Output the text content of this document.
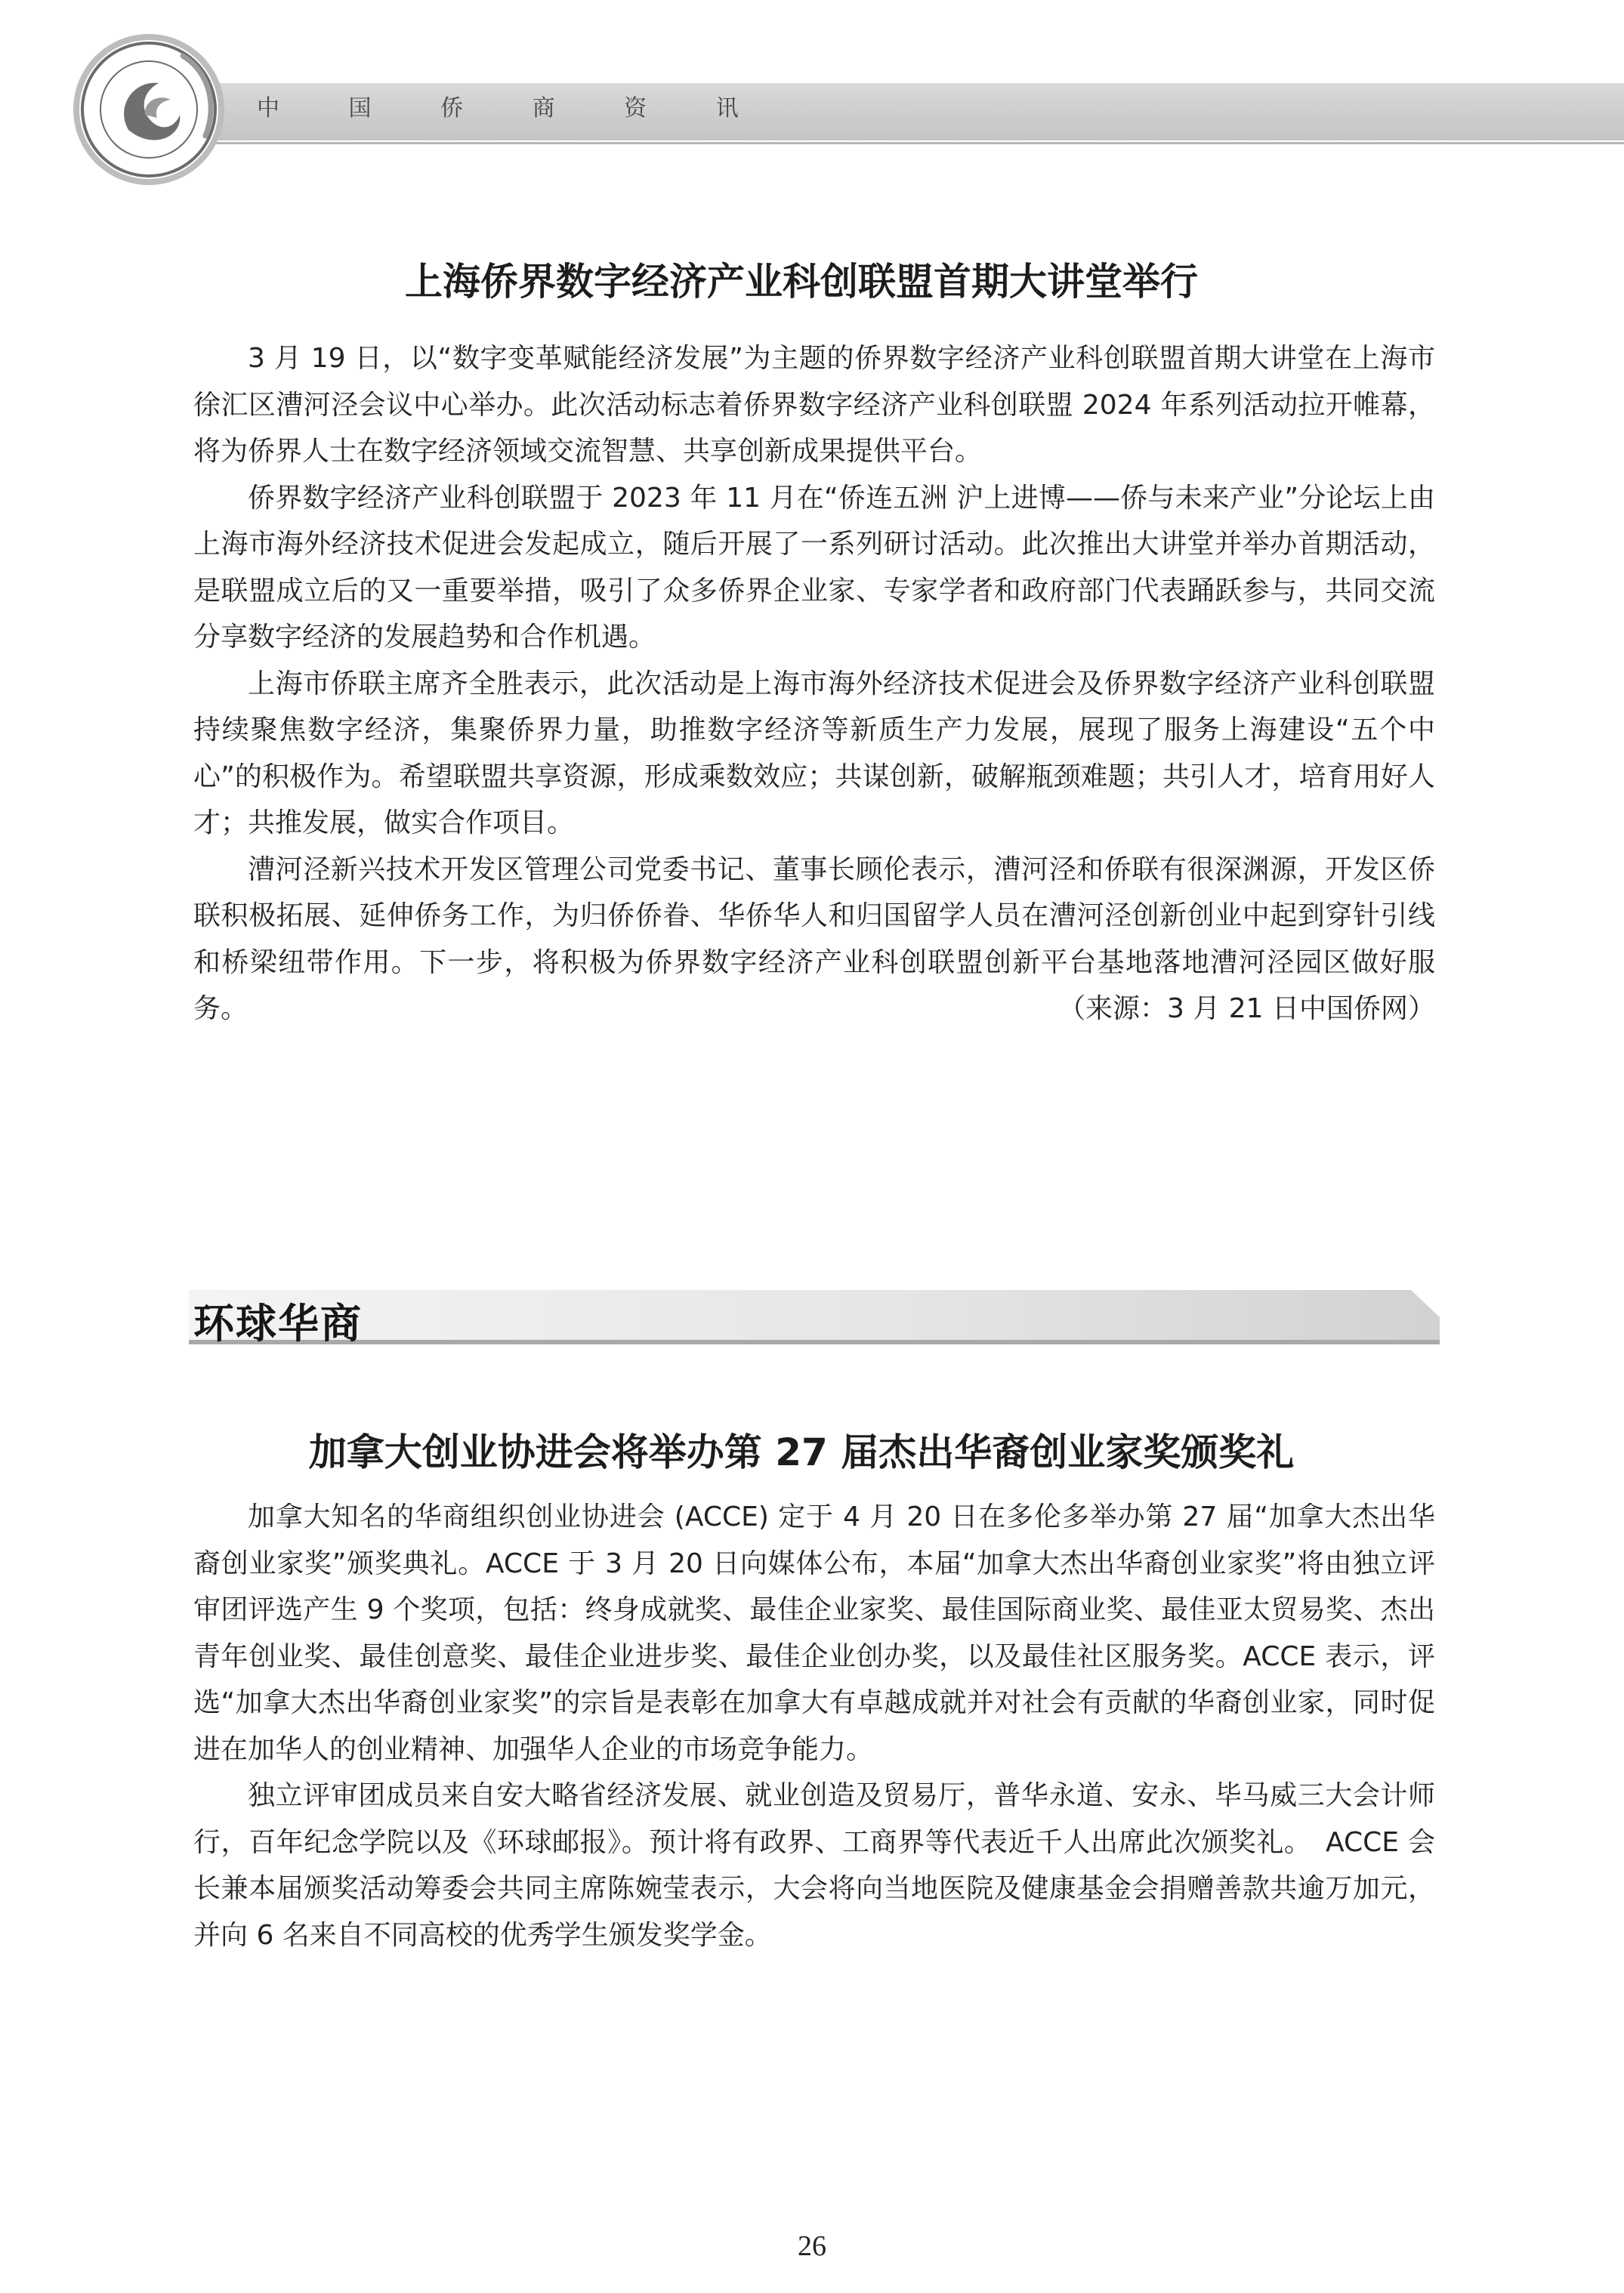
中 国 侨 商 资 讯
上海侨界数字经济产业科创联盟首期大讲堂举行

3 月 19 日，以“数字变革赋能经济发展”为主题的侨界数字经济产业科创联盟首期大讲堂在上海市徐汇区漕河泾会议中心举办。此次活动标志着侨界数字经济产业科创联盟 2024 年系列活动拉开帷幕，将为侨界人士在数字经济领域交流智慧、共享创新成果提供平台。

侨界数字经济产业科创联盟于 2023 年 11 月在“侨连五洲 沪上进博——侨与未来产业”分论坛上由上海市海外经济技术促进会发起成立，随后开展了一系列研讨活动。此次推出大讲堂并举办首期活动，是联盟成立后的又一重要举措，吸引了众多侨界企业家、专家学者和政府部门代表踊跃参与，共同交流分享数字经济的发展趋势和合作机遇。

上海市侨联主席齐全胜表示，此次活动是上海市海外经济技术促进会及侨界数字经济产业科创联盟持续聚焦数字经济，集聚侨界力量，助推数字经济等新质生产力发展，展现了服务上海建设“五个中心”的积极作为。希望联盟共享资源，形成乘数效应；共谋创新，破解瓶颈难题；共引人才，培育用好人才；共推发展，做实合作项目。

漕河泾新兴技术开发区管理公司党委书记、董事长顾伦表示，漕河泾和侨联有很深渊源，开发区侨联积极拓展、延伸侨务工作，为归侨侨眷、华侨华人和归国留学人员在漕河泾创新创业中起到穿针引线和桥梁纽带作用。下一步，将积极为侨界数字经济产业科创联盟创新平台基地落地漕河泾园区做好服务。	（来源：3 月 21 日中国侨网）
环球华商
加拿大创业协进会将举办第 27 届杰出华裔创业家奖颁奖礼

加拿大知名的华商组织创业协进会 (ACCE) 定于 4 月 20 日在多伦多举办第 27 届“加拿大杰出华裔创业家奖”颁奖典礼。ACCE 于 3 月 20 日向媒体公布，本届“加拿大杰出华裔创业家奖”将由独立评审团评选产生 9 个奖项，包括：终身成就奖、最佳企业家奖、最佳国际商业奖、最佳亚太贸易奖、杰出青年创业奖、最佳创意奖、最佳企业进步奖、最佳企业创办奖，以及最佳社区服务奖。ACCE 表示，评选“加拿大杰出华裔创业家奖”的宗旨是表彰在加拿大有卓越成就并对社会有贡献的华裔创业家，同时促进在加华人的创业精神、加强华人企业的市场竞争能力。

独立评审团成员来自安大略省经济发展、就业创造及贸易厅，普华永道、安永、毕马威三大会计师行，百年纪念学院以及《环球邮报》。预计将有政界、工商界等代表近千人出席此次颁奖礼。　ACCE 会长兼本届颁奖活动筹委会共同主席陈婉莹表示，大会将向当地医院及健康基金会捐赠善款共逾万加元，并向 6 名来自不同高校的优秀学生颁发奖学金。

26
